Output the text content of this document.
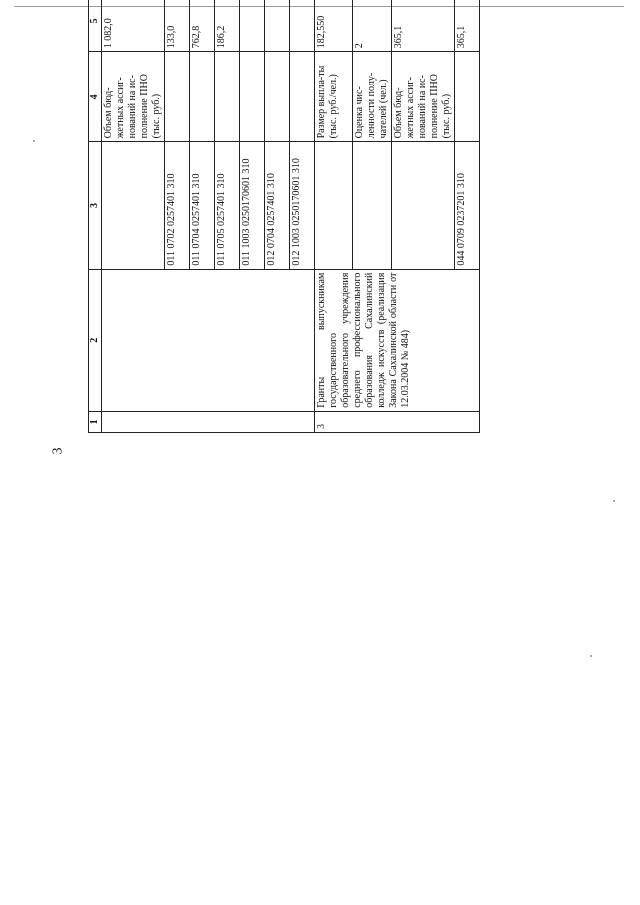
3
1	2	3	4	5						
			Объем бюд-жетных ассиг-нований на ис-полнение ПНО (тыс. руб.)	1 082,0						
		011 0702 0257401 310		133,0						
		011 0704 0257401 310		762,8						
		011 0705 0257401 310		186,2						
		011 1003 0250170601 310								
		012 0704 0257401 310								
		012 1003 0250170601 310								
3	Гранты выпускникам государственного образовательного учреждения среднего профессионального образования Сахалинский колледж искусств (реализация Закона Сахалинской области от 12.03.2004 № 484)		Размер выпла-ты (тыс. руб./чел.)	182,550						
			Оценка чис-ленности полу-чателей (чел.)	2						
			Объем бюд-жетных ассиг-нований на ис-полнение ПНО (тыс. руб.)	365,1						
		044 0709 0237201 310		365,1						
